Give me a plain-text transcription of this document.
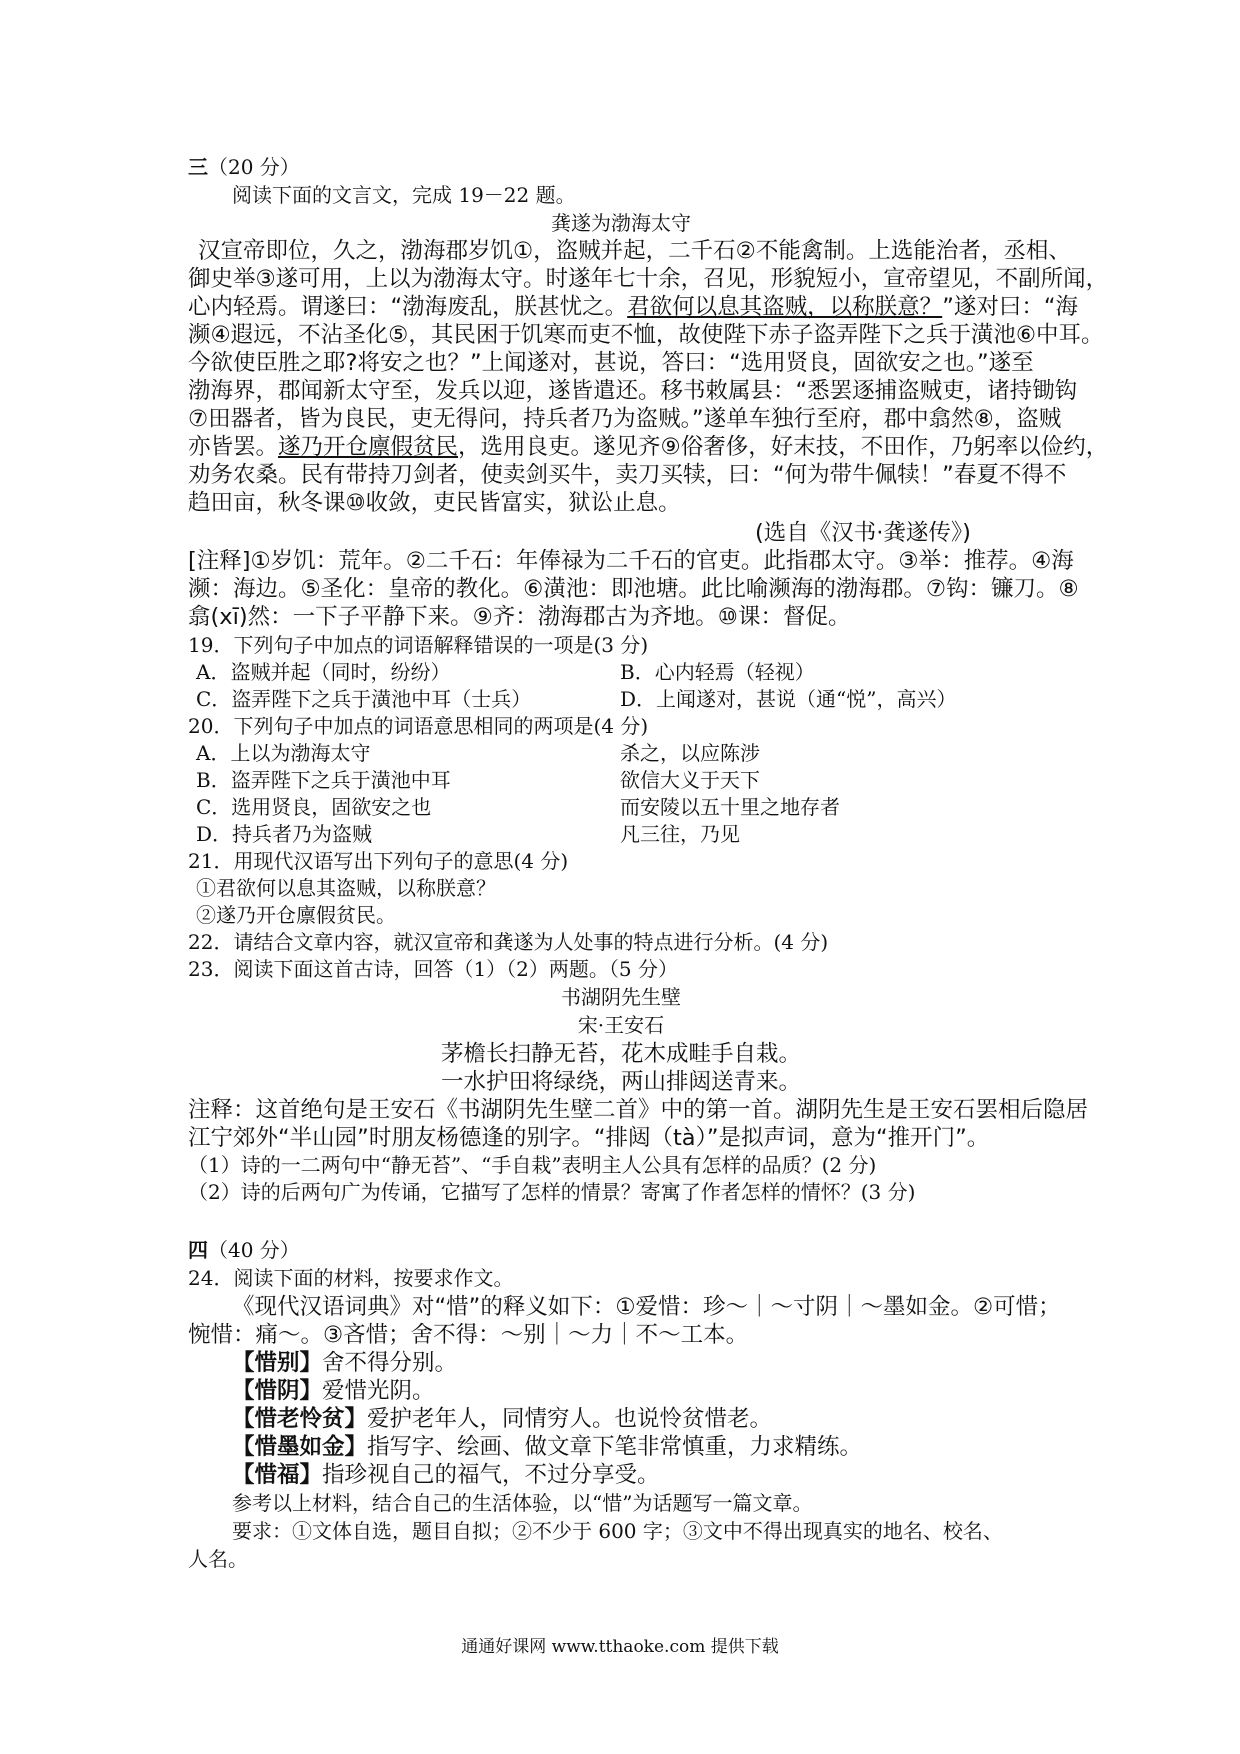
三（20 分）
阅读下面的文言文，完成 19－22 题。
龚遂为渤海太守
汉宣帝即位，久之，渤海郡岁饥①，盗贼并起，二千石②不能禽制。上选能治者，丞相、
御史举③遂可用，上以为渤海太守。时遂年七十余，召见，形貌短小，宣帝望见，不副所闻，
心内轻焉。谓遂曰：“渤海废乱，朕甚忧之。君欲何以息其盗贼，以称朕意？”遂对曰：“海
濒④遐远，不沾圣化⑤，其民困于饥寒而吏不恤，故使陛下赤子盗弄陛下之兵于潢池⑥中耳。
今欲使臣胜之耶?将安之也？”上闻遂对，甚说，答曰：“选用贤良，固欲安之也。”遂至
渤海界，郡闻新太守至，发兵以迎，遂皆遣还。移书敕属县：“悉罢逐捕盗贼吏，诸持锄钩
⑦田器者，皆为良民，吏无得问，持兵者乃为盗贼。”遂单车独行至府，郡中翕然⑧，盗贼
亦皆罢。遂乃开仓廪假贫民，选用良吏。遂见齐⑨俗奢侈，好末技，不田作，乃躬率以俭约，
劝务农桑。民有带持刀剑者，使卖剑买牛，卖刀买犊，曰：“何为带牛佩犊！”春夏不得不
趋田亩，秋冬课⑩收敛，吏民皆富实，狱讼止息。
(选自《汉书·龚遂传》)
[注释]①岁饥：荒年。②二千石：年俸禄为二千石的官吏。此指郡太守。③举：推荐。④海
濒：海边。⑤圣化：皇帝的教化。⑥潢池：即池塘。此比喻濒海的渤海郡。⑦钩：镰刀。⑧
翕(xī)然：一下子平静下来。⑨齐：渤海郡古为齐地。⑩课：督促。
19．下列句子中加点的词语解释错误的一项是(3 分)
A．盗贼并起（同时，纷纷）	B．心内轻焉（轻视）
C．盗弄陛下之兵于潢池中耳（士兵）	D．上闻遂对，甚说（通“悦”，高兴）
20．下列句子中加点的词语意思相同的两项是(4 分)
A．上以为渤海太守	杀之，以应陈涉
B．盗弄陛下之兵于潢池中耳	欲信大义于天下
C．选用贤良，固欲安之也	而安陵以五十里之地存者
D．持兵者乃为盗贼	凡三往，乃见
21．用现代汉语写出下列句子的意思(4 分)
①君欲何以息其盗贼，以称朕意？
②遂乃开仓廪假贫民。
22．请结合文章内容，就汉宣帝和龚遂为人处事的特点进行分析。(4 分)
23．阅读下面这首古诗，回答（1）（2）两题。（5 分）
书湖阴先生壁
宋·王安石
茅檐长扫静无苔，花木成畦手自栽。
一水护田将绿绕，两山排闼送青来。
注释：这首绝句是王安石《书湖阴先生壁二首》中的第一首。湖阴先生是王安石罢相后隐居
江宁郊外“半山园”时朋友杨德逢的别字。“排闼（tà）”是拟声词，意为“推开门”。
（1）诗的一二两句中“静无苔”、“手自栽”表明主人公具有怎样的品质？(2 分)
（2）诗的后两句广为传诵，它描写了怎样的情景？寄寓了作者怎样的情怀？(3 分)
四（40 分）
24．阅读下面的材料，按要求作文。
《现代汉语词典》对“惜”的释义如下：①爱惜：珍～｜～寸阴｜～墨如金。②可惜；
惋惜：痛～。③吝惜；舍不得：～别｜～力｜不～工本。
【惜别】舍不得分别。
【惜阴】爱惜光阴。
【惜老怜贫】爱护老年人，同情穷人。也说怜贫惜老。
【惜墨如金】指写字、绘画、做文章下笔非常慎重，力求精练。
【惜福】指珍视自己的福气，不过分享受。
参考以上材料，结合自己的生活体验，以“惜”为话题写一篇文章。
要求：①文体自选，题目自拟；②不少于 600 字；③文中不得出现真实的地名、校名、
人名。
通通好课网 www.tthaoke.com 提供下载
